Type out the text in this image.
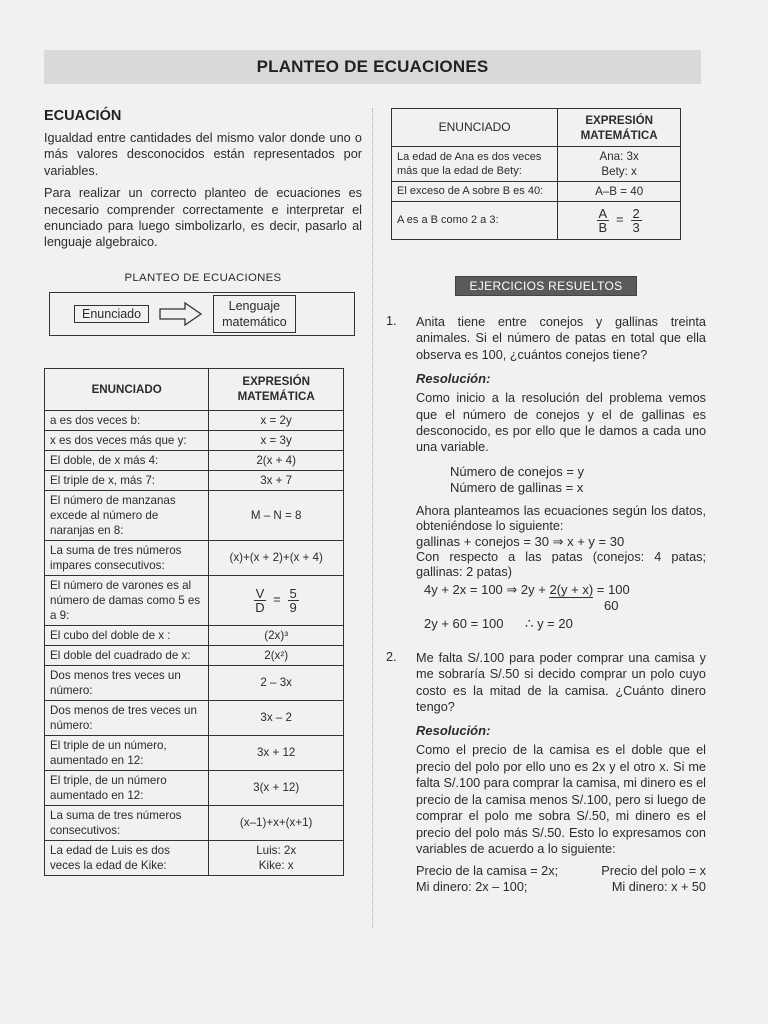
PLANTEO DE ECUACIONES
ECUACIÓN

Igualdad entre cantidades del mismo valor donde uno o más valores desconocidos están representados por variables.

Para realizar un correcto planteo de ecuaciones es necesario comprender correctamente e interpretar el enunciado para luego simbolizarlo, es decir, pasarlo al lenguaje algebraico.

PLANTEO DE ECUACIONES
Enunciado
Lenguaje
matemático
ENUNCIADO	EXPRESIÓN MATEMÁTICA
a es dos veces b:	x = 2y
x es dos veces más que y:	x = 3y
El doble, de x más 4:	2(x + 4)
El triple de x, más 7:	3x + 7
El número de manzanas excede al número de naranjas en 8:	M – N = 8
La suma de tres números impares consecutivos:	(x)+(x + 2)+(x + 4)
El número de varones es al número de damas como 5 es a 9:	$\frac{V}{D} = \frac{5}{9}$

El cubo del doble de x :	(2x)³
El doble del cuadrado de x:	2(x²)
Dos menos tres veces un número:	2 – 3x
Dos menos de tres veces un número:	3x – 2
El triple de un número, aumentado en 12:	3x + 12
El triple, de un número aumentado en 12:	3(x + 12)
La suma de tres números consecutivos:	(x–1)+x+(x+1)
La edad de Luis es dos veces la edad de Kike:	Luis: 2x
Kike: x
ENUNCIADO	EXPRESIÓN MATEMÁTICA
La edad de Ana es dos veces más que la edad de Bety:	Ana: 3x
Bety: x
El exceso de A sobre B es 40:	A–B = 40
A es a B como 2 a 3:	$\frac{A}{B} = \frac{2}{3}$
EJERCICIOS RESUELTOS
1.	Anita tiene entre conejos y gallinas treinta animales. Si el número de patas en total que ella observa es 100, ¿cuántos conejos tiene?

Resolución:

Como inicio a la resolución del problema vemos que el número de conejos y el de gallinas es desconocido, es por ello que le damos a cada uno una variable.

Número de conejos = y
Número de gallinas = x

Ahora planteamos las ecuaciones según los datos, obteniéndose lo siguiente:

gallinas + conejos = 30 ⇒ x + y = 30

Con respecto a las patas (conejos: 4 patas; gallinas: 2 patas)

4y + 2x = 100 ⇒ 2y + 2(y + x) = 100
60
2y + 60 = 100      ∴ y = 20
2.	Me falta S/.100 para poder comprar una camisa y me sobraría S/.50 si decido comprar un polo cuyo costo es la mitad de la camisa. ¿Cuánto dinero tengo?

Resolución:

Como el precio de la camisa es el doble que el precio del polo por ello uno es 2x y el otro x. Si me falta S/.100 para comprar la camisa, mi dinero es el precio de la camisa menos S/.100, pero si luego de comprar el polo me sobra S/.50, mi dinero es el precio del polo más S/.50. Esto lo expresamos con variables de acuerdo a lo siguiente:

Precio de la camisa = 2x;	Precio del polo = x
Mi dinero: 2x – 100;	Mi dinero: x + 50
